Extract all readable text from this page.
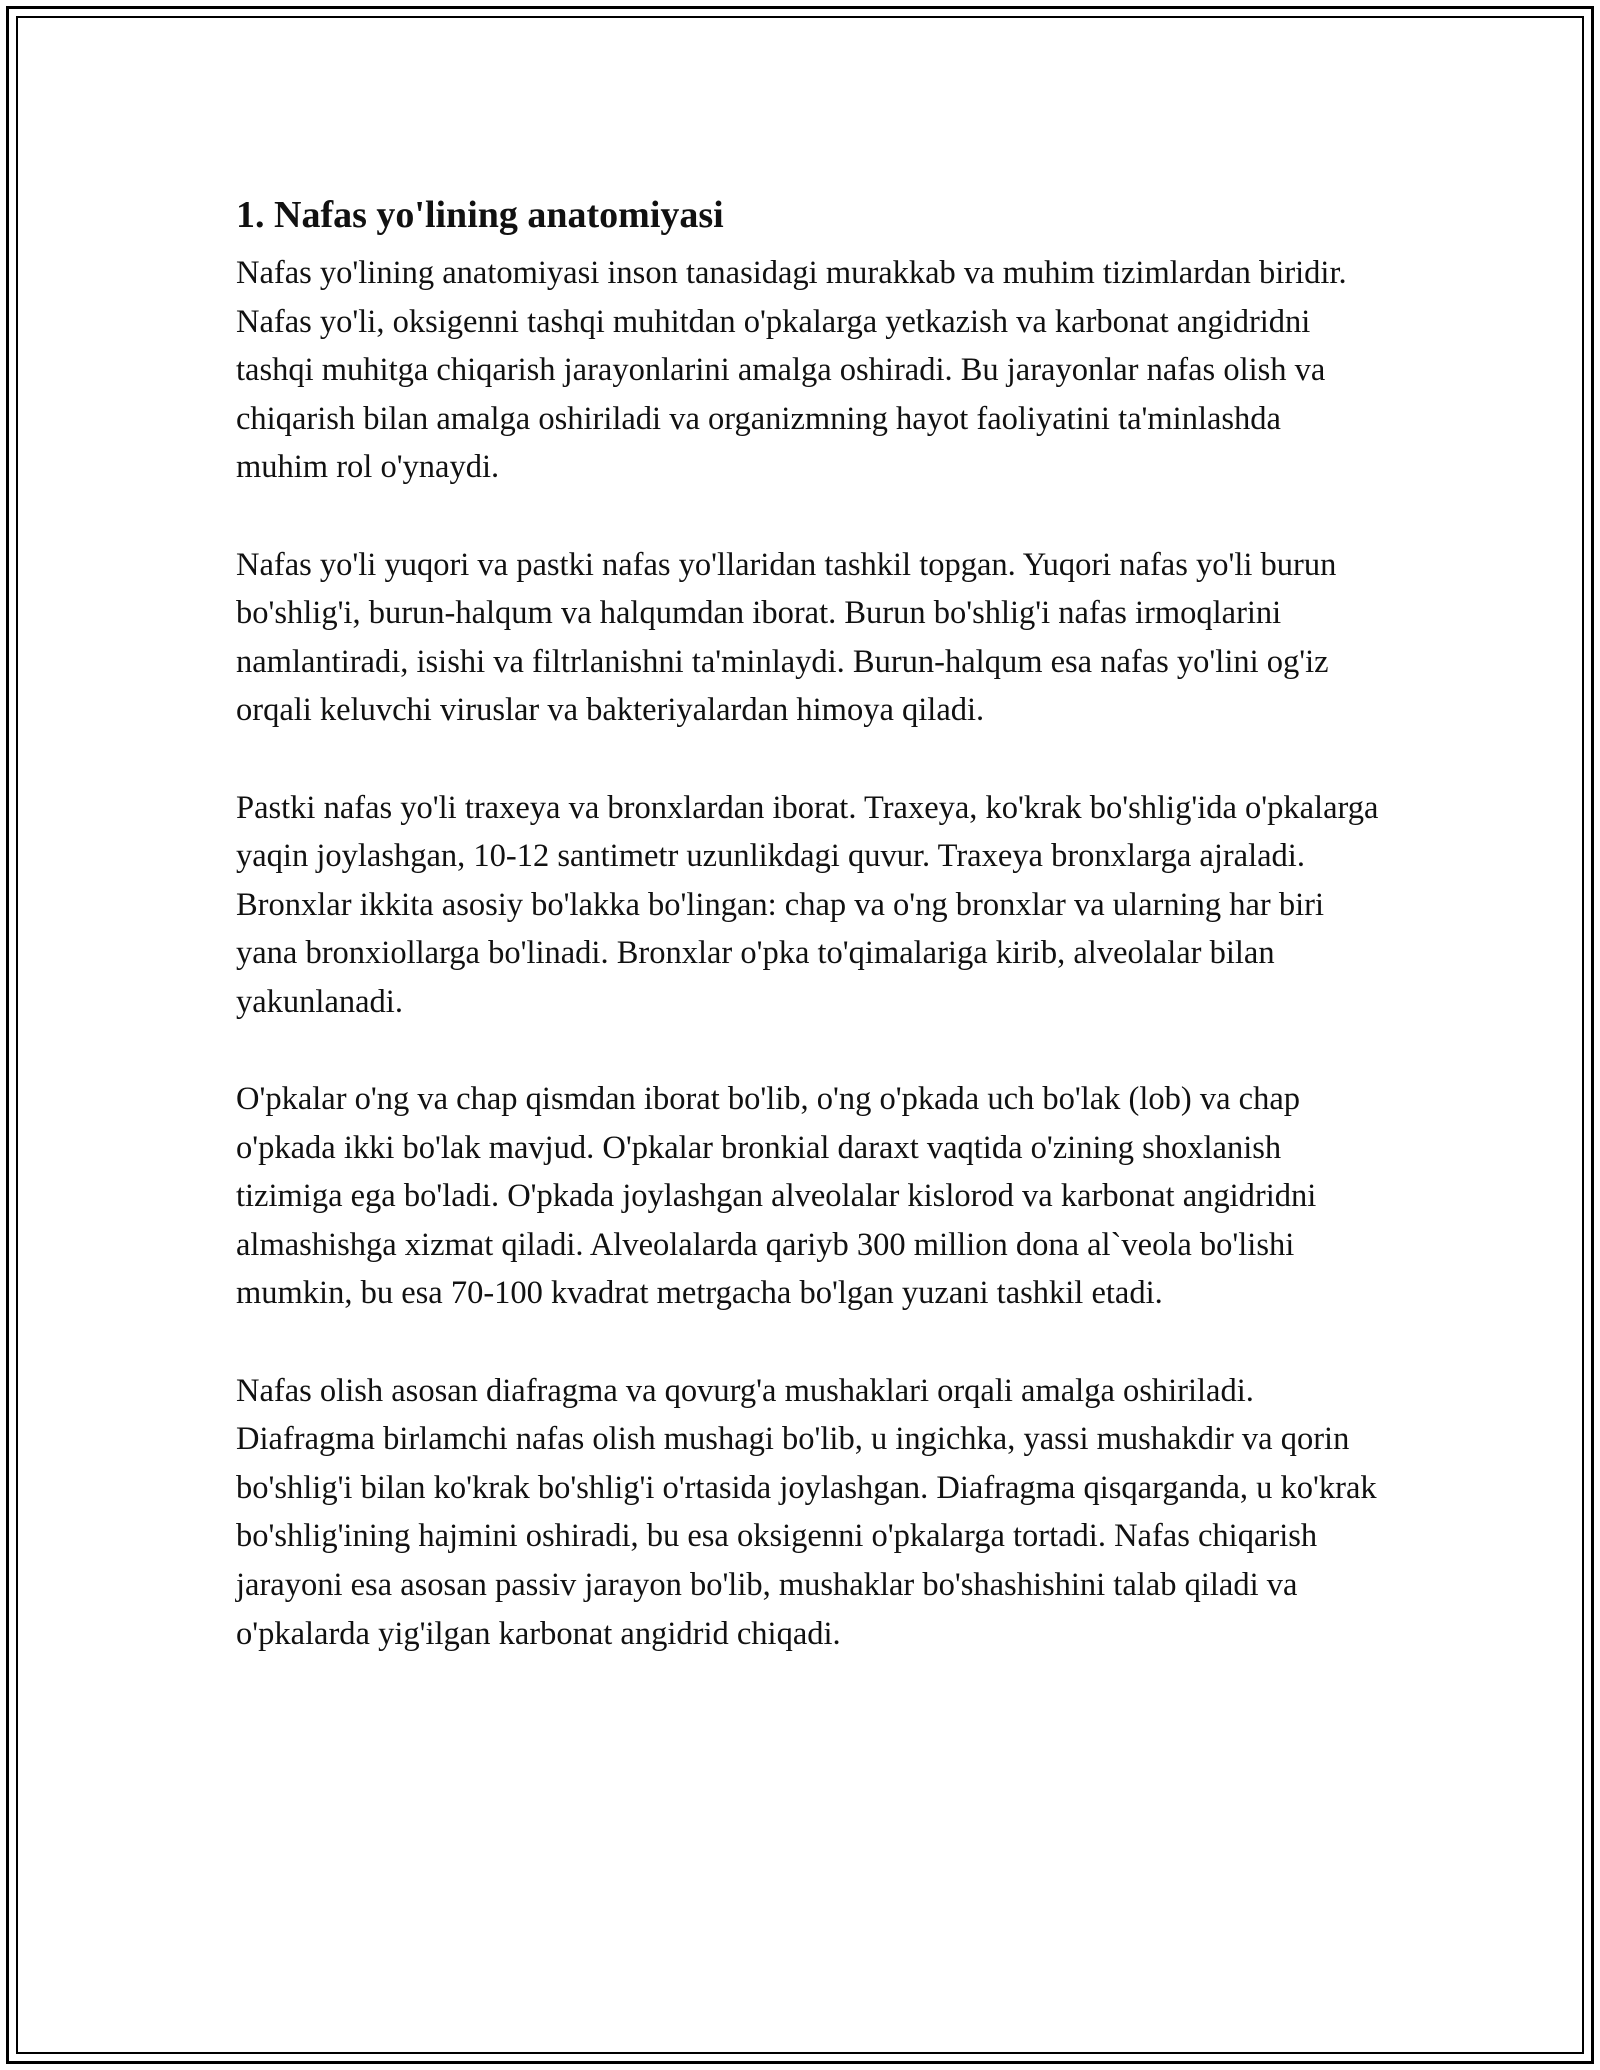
1. Nafas yo'lining anatomiyasi

Nafas yo'lining anatomiyasi inson tanasidagi murakkab va muhim tizimlardan biridir. Nafas yo'li, oksigenni tashqi muhitdan o'pkalarga yetkazish va karbonat angidridni tashqi muhitga chiqarish jarayonlarini amalga oshiradi. Bu jarayonlar nafas olish va chiqarish bilan amalga oshiriladi va organizmning hayot faoliyatini ta'minlashda muhim rol o'ynaydi.

Nafas yo'li yuqori va pastki nafas yo'llaridan tashkil topgan. Yuqori nafas yo'li burun bo'shlig'i, burun-halqum va halqumdan iborat. Burun bo'shlig'i nafas irmoqlarini namlantiradi, isishi va filtrlanishni ta'minlaydi. Burun-halqum esa nafas yo'lini og'iz orqali keluvchi viruslar va bakteriyalardan himoya qiladi.

Pastki nafas yo'li traxeya va bronxlardan iborat. Traxeya, ko'krak bo'shlig'ida o'pkalarga yaqin joylashgan, 10-12 santimetr uzunlikdagi quvur. Traxeya bronxlarga ajraladi. Bronxlar ikkita asosiy bo'lakka bo'lingan: chap va o'ng bronxlar va ularning har biri yana bronxiollarga bo'linadi. Bronxlar o'pka to'qimalariga kirib, alveolalar bilan yakunlanadi.

O'pkalar o'ng va chap qismdan iborat bo'lib, o'ng o'pkada uch bo'lak (lob) va chap o'pkada ikki bo'lak mavjud. O'pkalar bronkial daraxt vaqtida o'zining shoxlanish tizimiga ega bo'ladi. O'pkada joylashgan alveolalar kislorod va karbonat angidridni almashishga xizmat qiladi. Alveolalarda qariyb 300 million dona al`veola bo'lishi mumkin, bu esa 70-100 kvadrat metrgacha bo'lgan yuzani tashkil etadi.

Nafas olish asosan diafragma va qovurg'a mushaklari orqali amalga oshiriladi. Diafragma birlamchi nafas olish mushagi bo'lib, u ingichka, yassi mushakdir va qorin bo'shlig'i bilan ko'krak bo'shlig'i o'rtasida joylashgan. Diafragma qisqarganda, u ko'krak bo'shlig'ining hajmini oshiradi, bu esa oksigenni o'pkalarga tortadi. Nafas chiqarish jarayoni esa asosan passiv jarayon bo'lib, mushaklar bo'shashishini talab qiladi va o'pkalarda yig'ilgan karbonat angidrid chiqadi.
